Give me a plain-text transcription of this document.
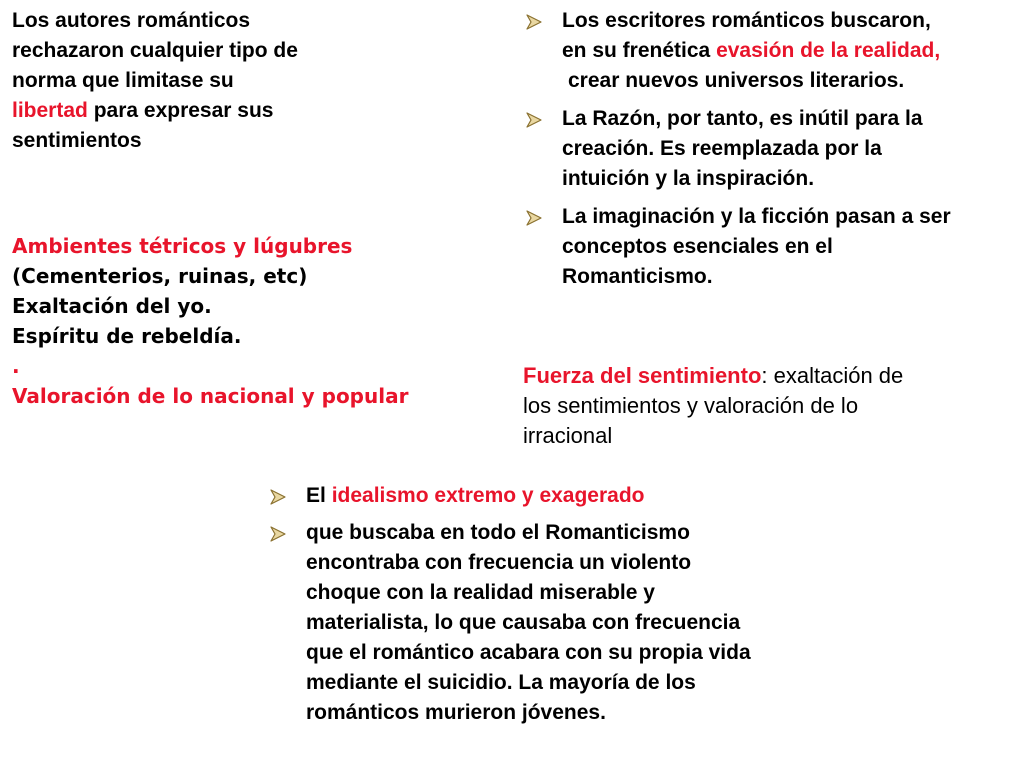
Los autores románticos

rechazaron cualquier tipo de

norma que limitase su

libertad para expresar sus

sentimientos

Ambientes tétricos y lúgubres

(Cementerios, ruinas, etc)

Exaltación del yo.

Espíritu de rebeldía.

.

Valoración de lo nacional y popular

Los escritores románticos buscaron,

en su frenética evasión de la realidad,

crear nuevos universos literarios.

La Razón, por tanto, es inútil para la

creación. Es reemplazada por la

intuición y la inspiración.

La imaginación y la ficción pasan a ser

conceptos esenciales en el

Romanticismo.

Fuerza del sentimiento: exaltación de

los sentimientos y valoración de lo

irracional

El idealismo extremo y exagerado

que buscaba en todo el Romanticismo

encontraba con frecuencia un violento

choque con la realidad miserable y

materialista, lo que causaba con frecuencia

que el romántico acabara con su propia vida

mediante el suicidio. La mayoría de los

románticos murieron jóvenes.
